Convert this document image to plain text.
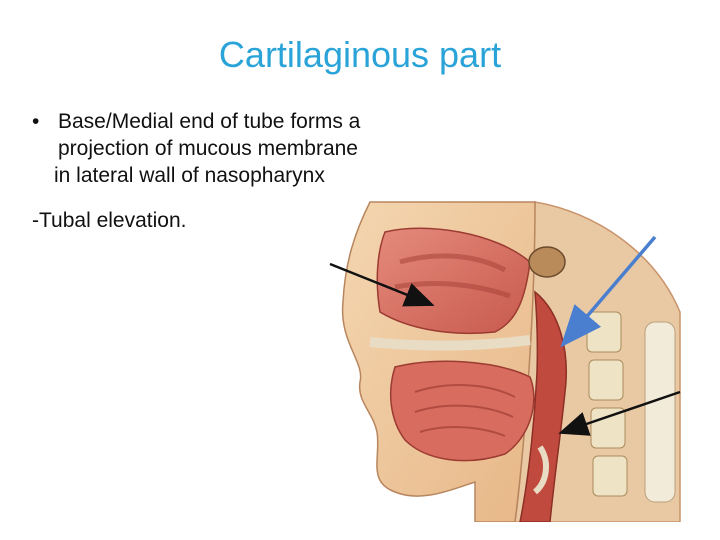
Cartilaginous part
• Base/Medial end of tube forms a projection of mucous membrane
in lateral wall of nasopharynx
-Tubal elevation.
